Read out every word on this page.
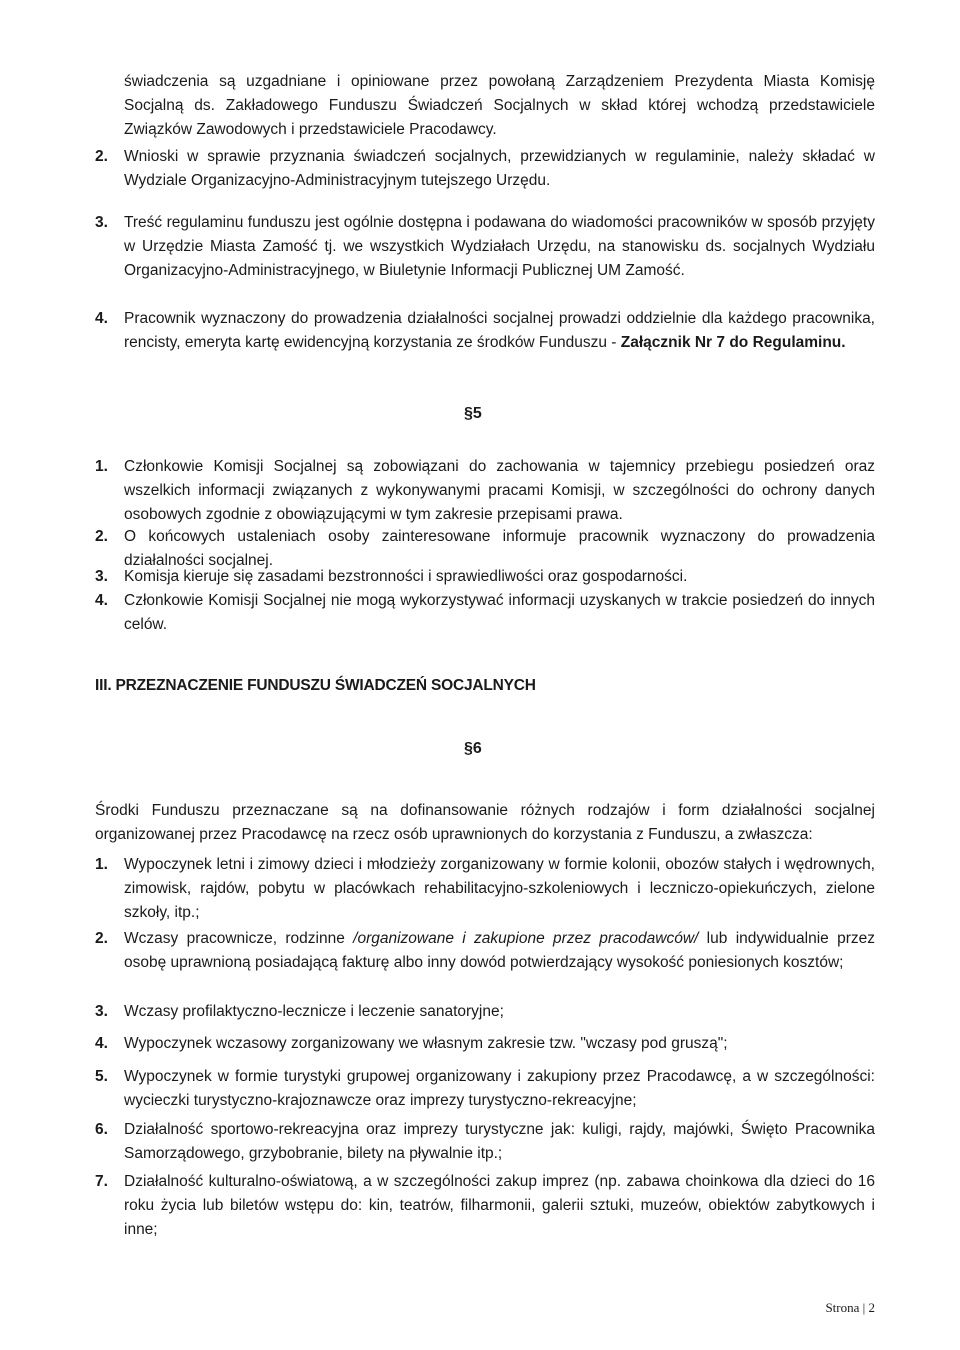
świadczenia są uzgadniane i opiniowane przez powołaną Zarządzeniem Prezydenta Miasta Komisję Socjalną ds. Zakładowego Funduszu Świadczeń Socjalnych w skład której wchodzą przedstawiciele Związków Zawodowych i przedstawiciele Pracodawcy.
2. Wnioski w sprawie przyznania świadczeń socjalnych, przewidzianych w regulaminie, należy składać w Wydziale Organizacyjno-Administracyjnym tutejszego Urzędu.
3. Treść regulaminu funduszu jest ogólnie dostępna i podawana do wiadomości pracowników w sposób przyjęty w Urzędzie Miasta Zamość tj. we wszystkich Wydziałach Urzędu, na stanowisku ds. socjalnych Wydziału Organizacyjno-Administracyjnego, w Biuletynie Informacji Publicznej UM Zamość.
4. Pracownik wyznaczony do prowadzenia działalności socjalnej prowadzi oddzielnie dla każdego pracownika, rencisty, emeryta kartę ewidencyjną korzystania ze środków Funduszu - Załącznik Nr 7 do Regulaminu.
§5
1. Członkowie Komisji Socjalnej są zobowiązani do zachowania w tajemnicy przebiegu posiedzeń oraz wszelkich informacji związanych z wykonywanymi pracami Komisji, w szczególności do ochrony danych osobowych zgodnie z obowiązującymi w tym zakresie przepisami prawa.
2. O końcowych ustaleniach osoby zainteresowane informuje pracownik wyznaczony do prowadzenia działalności socjalnej.
3. Komisja kieruje się zasadami bezstronności i sprawiedliwości oraz gospodarności.
4. Członkowie Komisji Socjalnej nie mogą wykorzystywać informacji uzyskanych w trakcie posiedzeń do innych celów.
III. PRZEZNACZENIE FUNDUSZU ŚWIADCZEŃ SOCJALNYCH
§6
Środki Funduszu przeznaczane są na dofinansowanie różnych rodzajów i form działalności socjalnej organizowanej przez Pracodawcę na rzecz osób uprawnionych do korzystania z Funduszu, a zwłaszcza:
1. Wypoczynek letni i zimowy dzieci i młodzieży zorganizowany w formie kolonii, obozów stałych i wędrownych, zimowisk, rajdów, pobytu w placówkach rehabilitacyjno-szkoleniowych i leczniczo-opiekuńczych, zielone szkoły, itp.;
2. Wczasy pracownicze, rodzinne /organizowane i zakupione przez pracodawców/ lub indywidualnie przez osobę uprawnioną posiadającą fakturę albo inny dowód potwierdzający wysokość poniesionych kosztów;
3. Wczasy profilaktyczno-lecznicze i leczenie sanatoryjne;
4. Wypoczynek wczasowy zorganizowany we własnym zakresie tzw. "wczasy pod gruszą";
5. Wypoczynek w formie turystyki grupowej organizowany i zakupiony przez Pracodawcę, a w szczególności: wycieczki turystyczno-krajoznawcze oraz imprezy turystyczno-rekreacyjne;
6. Działalność sportowo-rekreacyjna oraz imprezy turystyczne jak: kuligi, rajdy, majówki, Święto Pracownika Samorządowego, grzybobranie, bilety na pływalnie itp.;
7. Działalność kulturalno-oświatową, a w szczególności zakup imprez (np. zabawa choinkowa dla dzieci do 16 roku życia lub biletów wstępu do: kin, teatrów, filharmonii, galerii sztuki, muzeów, obiektów zabytkowych i inne;
Strona | 2
